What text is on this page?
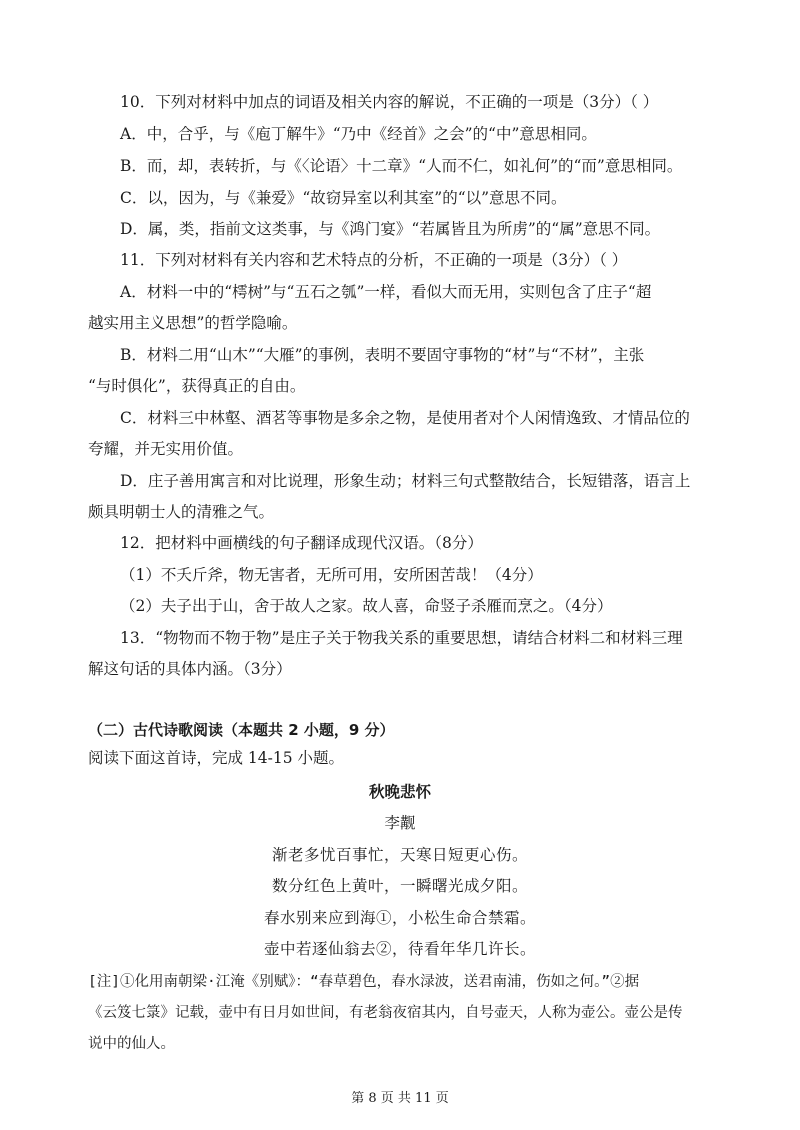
10．下列对材料中加点的词语及相关内容的解说，不正确的一项是（3分）（ ）
A．中，合乎，与《庖丁解牛》“乃中《经首》之会”的“中”意思相同。
B．而，却，表转折，与《〈论语〉十二章》“人而不仁，如礼何”的“而”意思相同。
C．以，因为，与《兼爱》“故窃异室以利其室”的“以”意思不同。
D．属，类，指前文这类事，与《鸿门宴》“若属皆且为所虏”的“属”意思不同。
11．下列对材料有关内容和艺术特点的分析，不正确的一项是（3分）（ ）
A．材料一中的“樗树”与“五石之瓠”一样，看似大而无用，实则包含了庄子“超
越实用主义思想”的哲学隐喻。
B．材料二用“山木”“大雁”的事例，表明不要固守事物的“材”与“不材”，主张
“与时俱化”，获得真正的自由。
C．材料三中林壑、酒茗等事物是多余之物，是使用者对个人闲情逸致、才情品位的
夸耀，并无实用价值。
D．庄子善用寓言和对比说理，形象生动；材料三句式整散结合，长短错落，语言上
颇具明朝士人的清雅之气。
12．把材料中画横线的句子翻译成现代汉语。（8分）
（1）不夭斤斧，物无害者，无所可用，安所困苦哉！（4分）
（2）夫子出于山，舍于故人之家。故人喜，命竖子杀雁而烹之。（4分）
13．“物物而不物于物”是庄子关于物我关系的重要思想，请结合材料二和材料三理
解这句话的具体内涵。（3分）
（二）古代诗歌阅读（本题共 2 小题，9 分）
阅读下面这首诗，完成 14-15 小题。
秋晚悲怀
李觏
渐老多忧百事忙，天寒日短更心伤。
数分红色上黄叶，一瞬曙光成夕阳。
春水别来应到海①，小松生命合禁霜。
壶中若逐仙翁去②，待看年华几许长。
[注]①化用南朝梁·江淹《别赋》：“春草碧色，春水渌波，送君南浦，伤如之何。”②据
《云笈七箓》记载，壶中有日月如世间，有老翁夜宿其内，自号壶天，人称为壶公。壶公是传
说中的仙人。
第 8 页 共 11 页
